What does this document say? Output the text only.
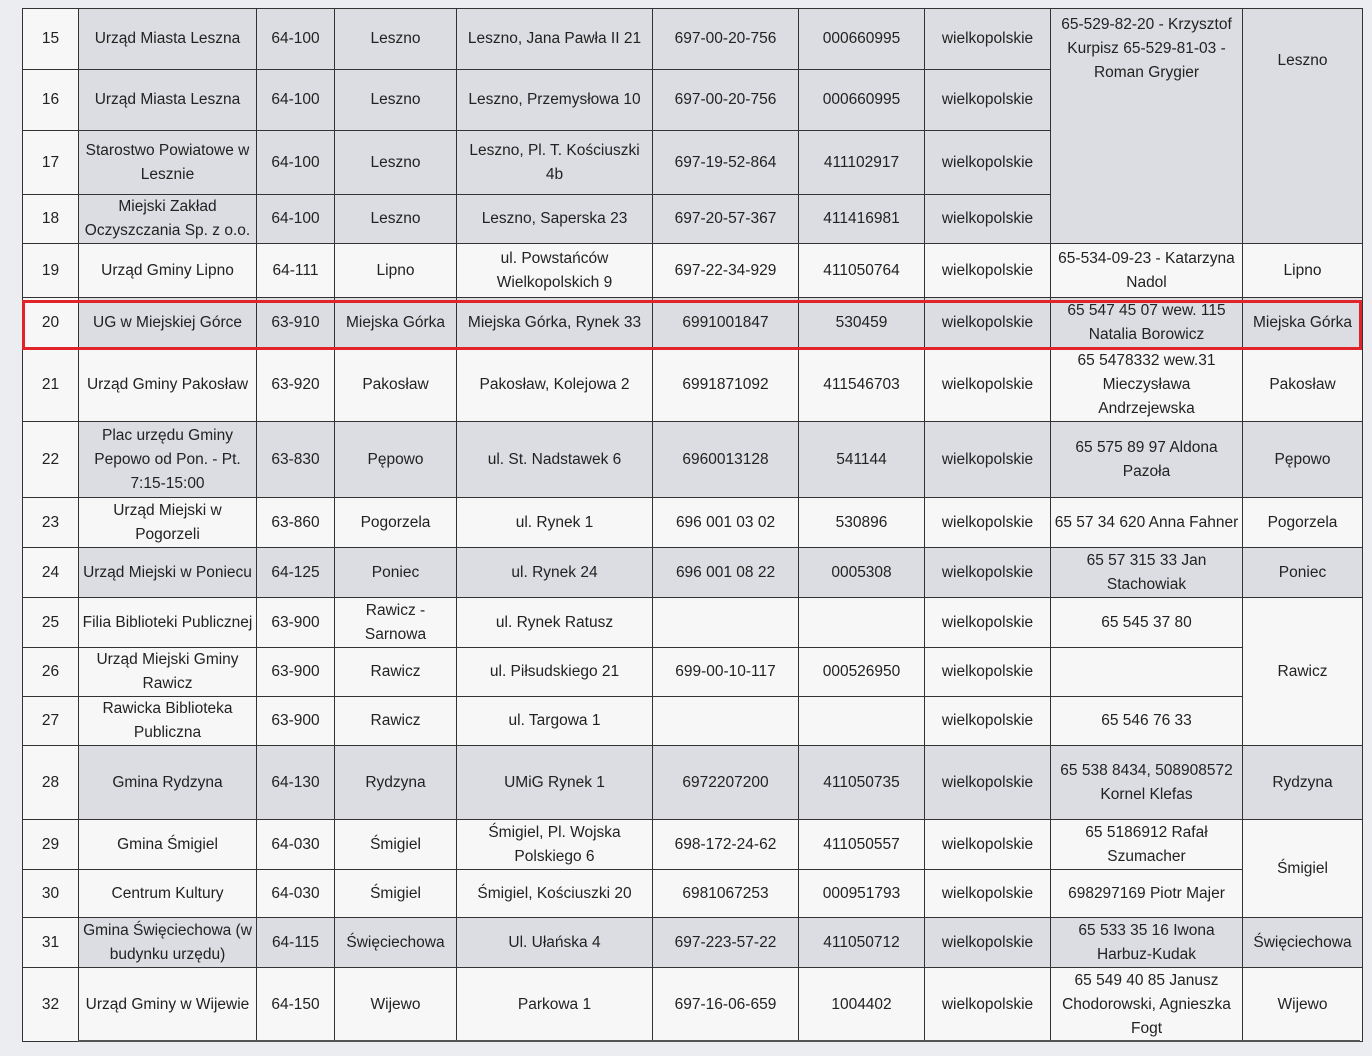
15	Urząd Miasta Leszna	64-100	Leszno	Leszno, Jana Pawła II 21	697-00-20-756	000660995	wielkopolskie	65-529-82-20 - Krzysztof Kurpisz 65-529-81-03 - Roman Grygier	Leszno
16	Urząd Miasta Leszna	64-100	Leszno	Leszno, Przemysłowa 10	697-00-20-756	000660995	wielkopolskie		
17	Starostwo Powiatowe w Lesznie	64-100	Leszno	Leszno, Pl. T. Kościuszki 4b	697-19-52-864	411102917	wielkopolskie		
18	Miejski Zakład Oczyszczania Sp. z o.o.	64-100	Leszno	Leszno, Saperska 23	697-20-57-367	411416981	wielkopolskie		
19	Urząd Gminy Lipno	64-111	Lipno	ul. Powstańców Wielkopolskich 9	697-22-34-929	411050764	wielkopolskie	65-534-09-23 - Katarzyna Nadol	Lipno
20	UG w Miejskiej Górce	63-910	Miejska Górka	Miejska Górka, Rynek 33	6991001847	530459	wielkopolskie	65 547 45 07 wew. 115 Natalia Borowicz	Miejska Górka
21	Urząd Gminy Pakosław	63-920	Pakosław	Pakosław, Kolejowa 2	6991871092	411546703	wielkopolskie	65 5478332 wew.31 Mieczysława Andrzejewska	Pakosław
22	Plac urzędu Gminy Pepowo od Pon. - Pt. 7:15-15:00	63-830	Pępowo	ul. St. Nadstawek 6	6960013128	541144	wielkopolskie	65 575 89 97 Aldona Pazoła	Pępowo
23	Urząd Miejski w Pogorzeli	63-860	Pogorzela	ul. Rynek 1	696 001 03 02	530896	wielkopolskie	65 57 34 620 Anna Fahner	Pogorzela
24	Urząd Miejski w Poniecu	64-125	Poniec	ul. Rynek 24	696 001 08 22	0005308	wielkopolskie	65 57 315 33 Jan Stachowiak	Poniec
25	Filia Biblioteki Publicznej	63-900	Rawicz - Sarnowa	ul. Rynek Ratusz			wielkopolskie	65 545 37 80	Rawicz
26	Urząd Miejski Gminy Rawicz	63-900	Rawicz	ul. Piłsudskiego 21	699-00-10-117	000526950	wielkopolskie		
27	Rawicka Biblioteka Publiczna	63-900	Rawicz	ul. Targowa 1			wielkopolskie	65 546 76 33	
28	Gmina Rydzyna	64-130	Rydzyna	UMiG Rynek 1	6972207200	411050735	wielkopolskie	65 538 8434, 508908572 Kornel Klefas	Rydzyna
29	Gmina Śmigiel	64-030	Śmigiel	Śmigiel, Pl. Wojska Polskiego 6	698-172-24-62	411050557	wielkopolskie	65 5186912 Rafał Szumacher	Śmigiel
30	Centrum Kultury	64-030	Śmigiel	Śmigiel, Kościuszki 20	6981067253	000951793	wielkopolskie	698297169 Piotr Majer	
31	Gmina Święciechowa (w budynku urzędu)	64-115	Święciechowa	Ul. Ułańska 4	697-223-57-22	411050712	wielkopolskie	65 533 35 16 Iwona Harbuz-Kudak	Święciechowa
32	Urząd Gminy w Wijewie	64-150	Wijewo	Parkowa 1	697-16-06-659	1004402	wielkopolskie	65 549 40 85 Janusz Chodorowski, Agnieszka Fogt	Wijewo
